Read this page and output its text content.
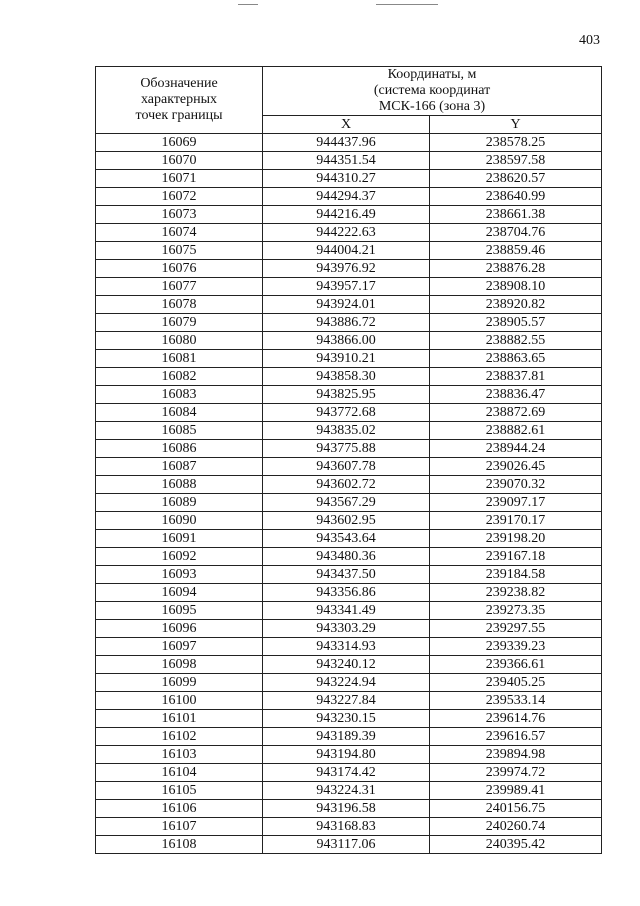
403
Обозначение
характерных
точек границы	Координаты, м
(система координат
МСК-166 (зона 3)	

	X	Y
16069	944437.96	238578.25
16070	944351.54	238597.58
16071	944310.27	238620.57
16072	944294.37	238640.99
16073	944216.49	238661.38
16074	944222.63	238704.76
16075	944004.21	238859.46
16076	943976.92	238876.28
16077	943957.17	238908.10
16078	943924.01	238920.82
16079	943886.72	238905.57
16080	943866.00	238882.55
16081	943910.21	238863.65
16082	943858.30	238837.81
16083	943825.95	238836.47
16084	943772.68	238872.69
16085	943835.02	238882.61
16086	943775.88	238944.24
16087	943607.78	239026.45
16088	943602.72	239070.32
16089	943567.29	239097.17
16090	943602.95	239170.17
16091	943543.64	239198.20
16092	943480.36	239167.18
16093	943437.50	239184.58
16094	943356.86	239238.82
16095	943341.49	239273.35
16096	943303.29	239297.55
16097	943314.93	239339.23
16098	943240.12	239366.61
16099	943224.94	239405.25
16100	943227.84	239533.14
16101	943230.15	239614.76
16102	943189.39	239616.57
16103	943194.80	239894.98
16104	943174.42	239974.72
16105	943224.31	239989.41
16106	943196.58	240156.75
16107	943168.83	240260.74
16108	943117.06	240395.42
